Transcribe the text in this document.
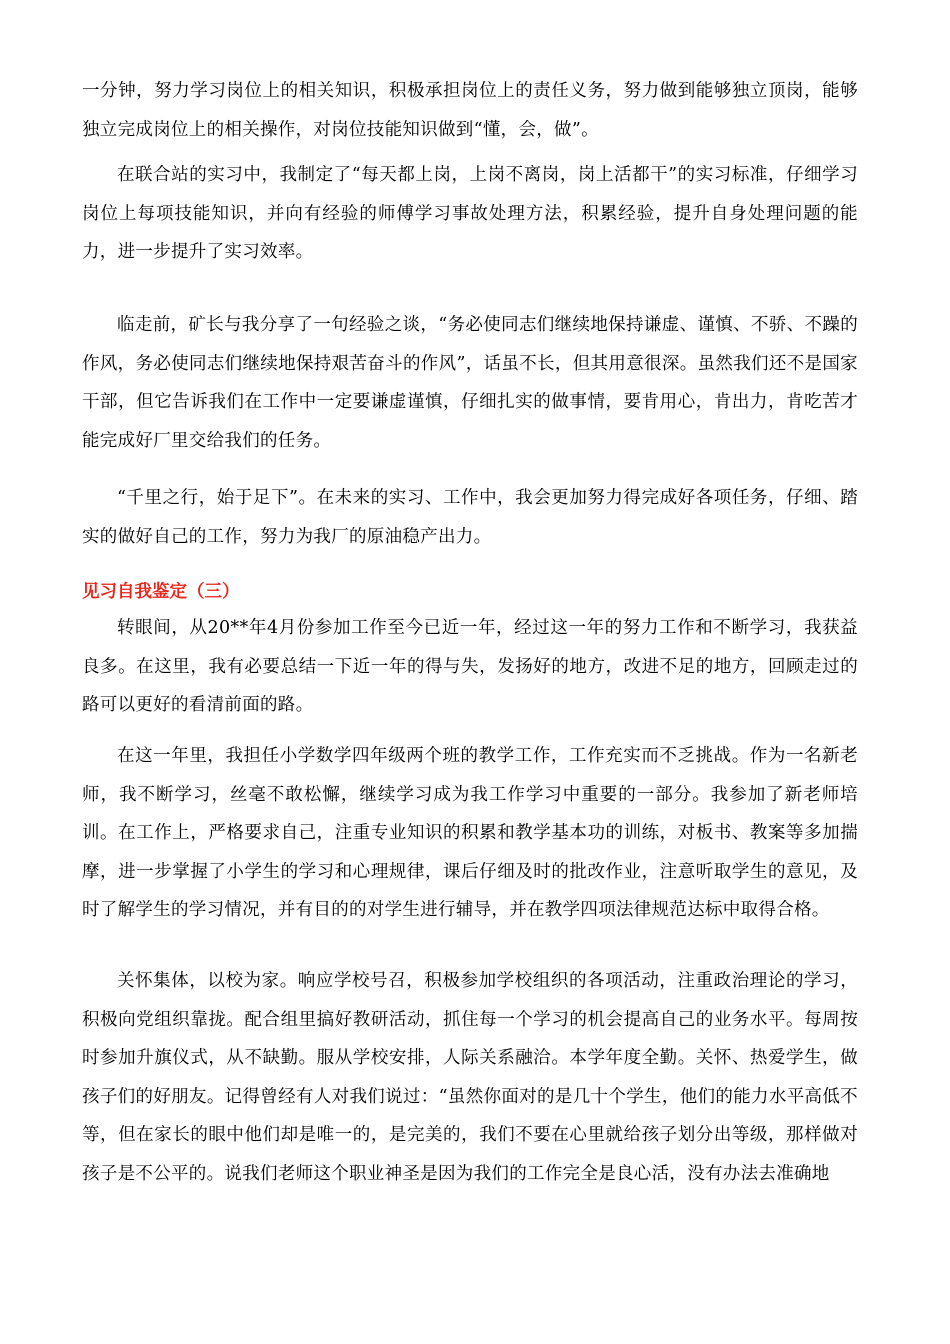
一分钟，努力学习岗位上的相关知识，积极承担岗位上的责任义务，努力做到能够独立顶岗，能够独立完成岗位上的相关操作，对岗位技能知识做到“懂，会，做”。

在联合站的实习中，我制定了“每天都上岗，上岗不离岗，岗上活都干”的实习标准，仔细学习岗位上每项技能知识，并向有经验的师傅学习事故处理方法，积累经验，提升自身处理问题的能力，进一步提升了实习效率。

临走前，矿长与我分享了一句经验之谈，“务必使同志们继续地保持谦虚、谨慎、不骄、不躁的作风，务必使同志们继续地保持艰苦奋斗的作风”，话虽不长，但其用意很深。虽然我们还不是国家干部，但它告诉我们在工作中一定要谦虚谨慎，仔细扎实的做事情，要肯用心，肯出力，肯吃苦才能完成好厂里交给我们的任务。

“千里之行，始于足下”。在未来的实习、工作中，我会更加努力得完成好各项任务，仔细、踏实的做好自己的工作，努力为我厂的原油稳产出力。

见习自我鉴定（三）

转眼间，从20**年4月份参加工作至今已近一年，经过这一年的努力工作和不断学习，我获益良多。在这里，我有必要总结一下近一年的得与失，发扬好的地方，改进不足的地方，回顾走过的路可以更好的看清前面的路。

在这一年里，我担任小学数学四年级两个班的教学工作，工作充实而不乏挑战。作为一名新老师，我不断学习，丝毫不敢松懈，继续学习成为我工作学习中重要的一部分。我参加了新老师培训。在工作上，严格要求自己，注重专业知识的积累和教学基本功的训练，对板书、教案等多加揣摩，进一步掌握了小学生的学习和心理规律，课后仔细及时的批改作业，注意听取学生的意见，及时了解学生的学习情况，并有目的的对学生进行辅导，并在教学四项法律规范达标中取得合格。

关怀集体，以校为家。响应学校号召，积极参加学校组织的各项活动，注重政治理论的学习，积极向党组织靠拢。配合组里搞好教研活动，抓住每一个学习的机会提高自己的业务水平。每周按时参加升旗仪式，从不缺勤。服从学校安排，人际关系融洽。本学年度全勤。关怀、热爱学生，做孩子们的好朋友。记得曾经有人对我们说过：“虽然你面对的是几十个学生，他们的能力水平高低不等，但在家长的眼中他们却是唯一的，是完美的，我们不要在心里就给孩子划分出等级，那样做对孩子是不公平的。说我们老师这个职业神圣是因为我们的工作完全是良心活，没有办法去准确地
